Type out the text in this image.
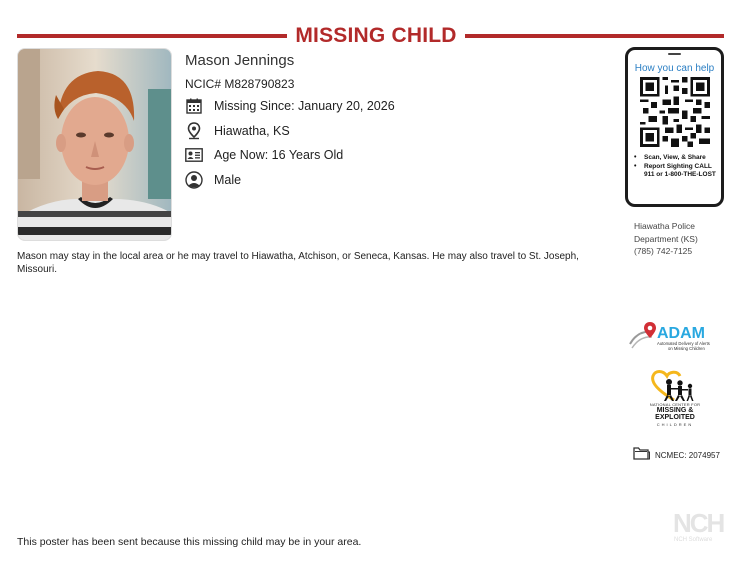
MISSING CHILD
Mason Jennings
NCIC# M828790823
Missing Since: January 20, 2026
Hiawatha, KS
Age Now: 16 Years Old
Male
Mason may stay in the local area or he may travel to Hiawatha, Atchison, or Seneca, Kansas. He may also travel to St. Joseph, Missouri.
How you can help
• Scan, View, & Share
• Report Sighting CALL 911 or 1-800-THE-LOST
Hiawatha Police
Department (KS)
(785) 742-7125
ADAM
Automated Delivery of Alerts
on Missing Children
NATIONAL CENTER FOR
MISSING &
EXPLOITED
CHILDREN
NCMEC: 2074957
NCH
NCH Software
This poster has been sent because this missing child may be in your area.
